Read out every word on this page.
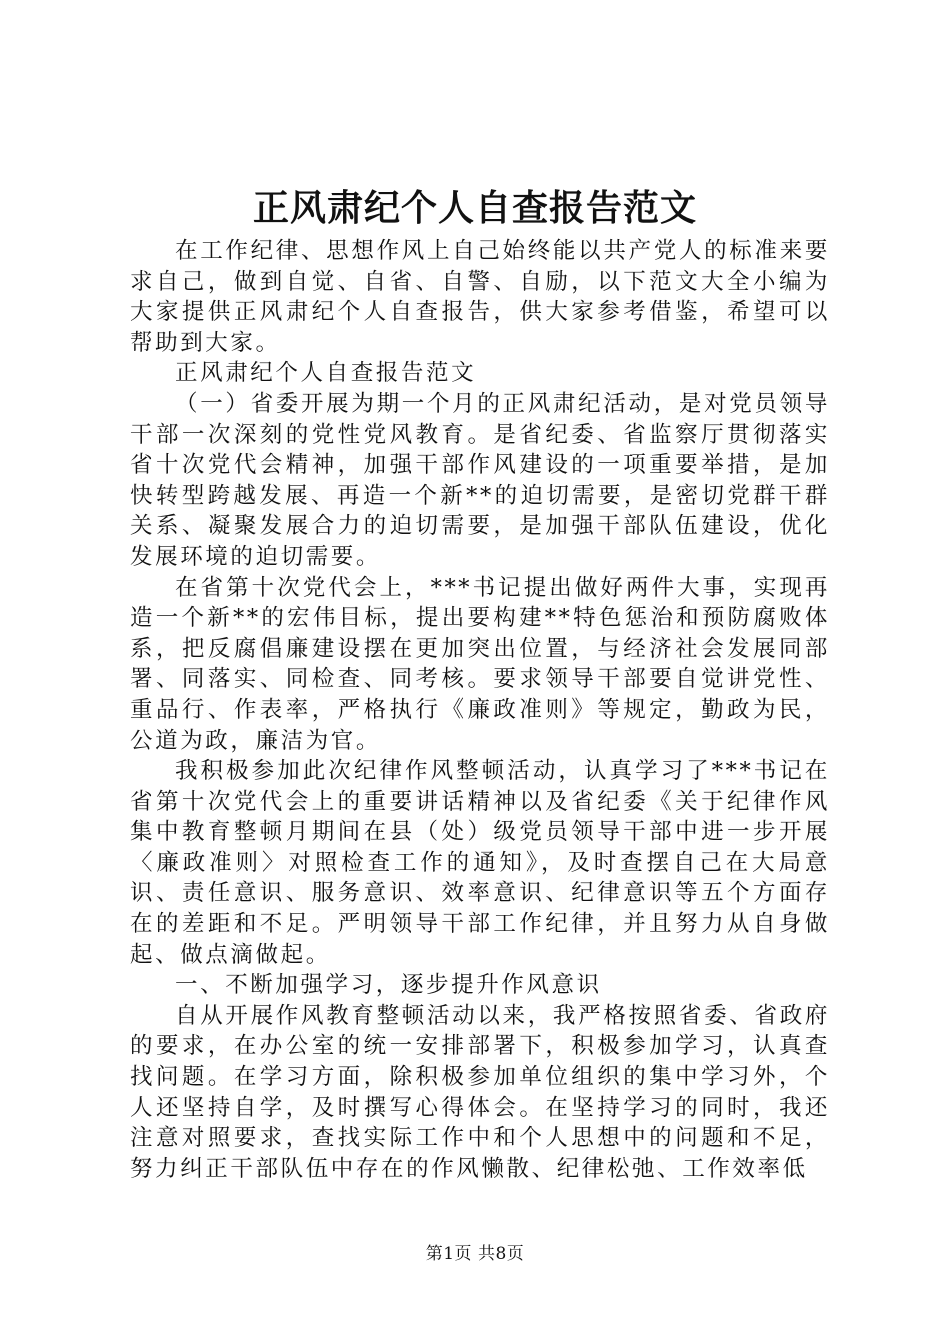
正风肃纪个人自查报告范文

在工作纪律、思想作风上自己始终能以共产党人的标准来要求自己，做到自觉、自省、自警、自励，以下范文大全小编为大家提供正风肃纪个人自查报告，供大家参考借鉴，希望可以帮助到大家。

正风肃纪个人自查报告范文

（一）省委开展为期一个月的正风肃纪活动，是对党员领导干部一次深刻的党性党风教育。是省纪委、省监察厅贯彻落实省十次党代会精神，加强干部作风建设的一项重要举措，是加快转型跨越发展、再造一个新**的迫切需要，是密切党群干群关系、凝聚发展合力的迫切需要，是加强干部队伍建设，优化发展环境的迫切需要。

在省第十次党代会上，***书记提出做好两件大事，实现再造一个新**的宏伟目标，提出要构建**特色惩治和预防腐败体系，把反腐倡廉建设摆在更加突出位置，与经济社会发展同部署、同落实、同检查、同考核。要求领导干部要自觉讲党性、重品行、作表率，严格执行《廉政准则》等规定，勤政为民，公道为政，廉洁为官。

我积极参加此次纪律作风整顿活动，认真学习了***书记在省第十次党代会上的重要讲话精神以及省纪委《关于纪律作风集中教育整顿月期间在县（处）级党员领导干部中进一步开展〈廉政准则〉对照检查工作的通知》，及时查摆自己在大局意识、责任意识、服务意识、效率意识、纪律意识等五个方面存在的差距和不足。严明领导干部工作纪律，并且努力从自身做起、做点滴做起。

一、不断加强学习，逐步提升作风意识

自从开展作风教育整顿活动以来，我严格按照省委、省政府的要求，在办公室的统一安排部署下，积极参加学习，认真查找问题。在学习方面，除积极参加单位组织的集中学习外，个人还坚持自学，及时撰写心得体会。在坚持学习的同时，我还注意对照要求，查找实际工作中和个人思想中的问题和不足，努力纠正干部队伍中存在的作风懒散、纪律松弛、工作效率低

第1页 共8页
